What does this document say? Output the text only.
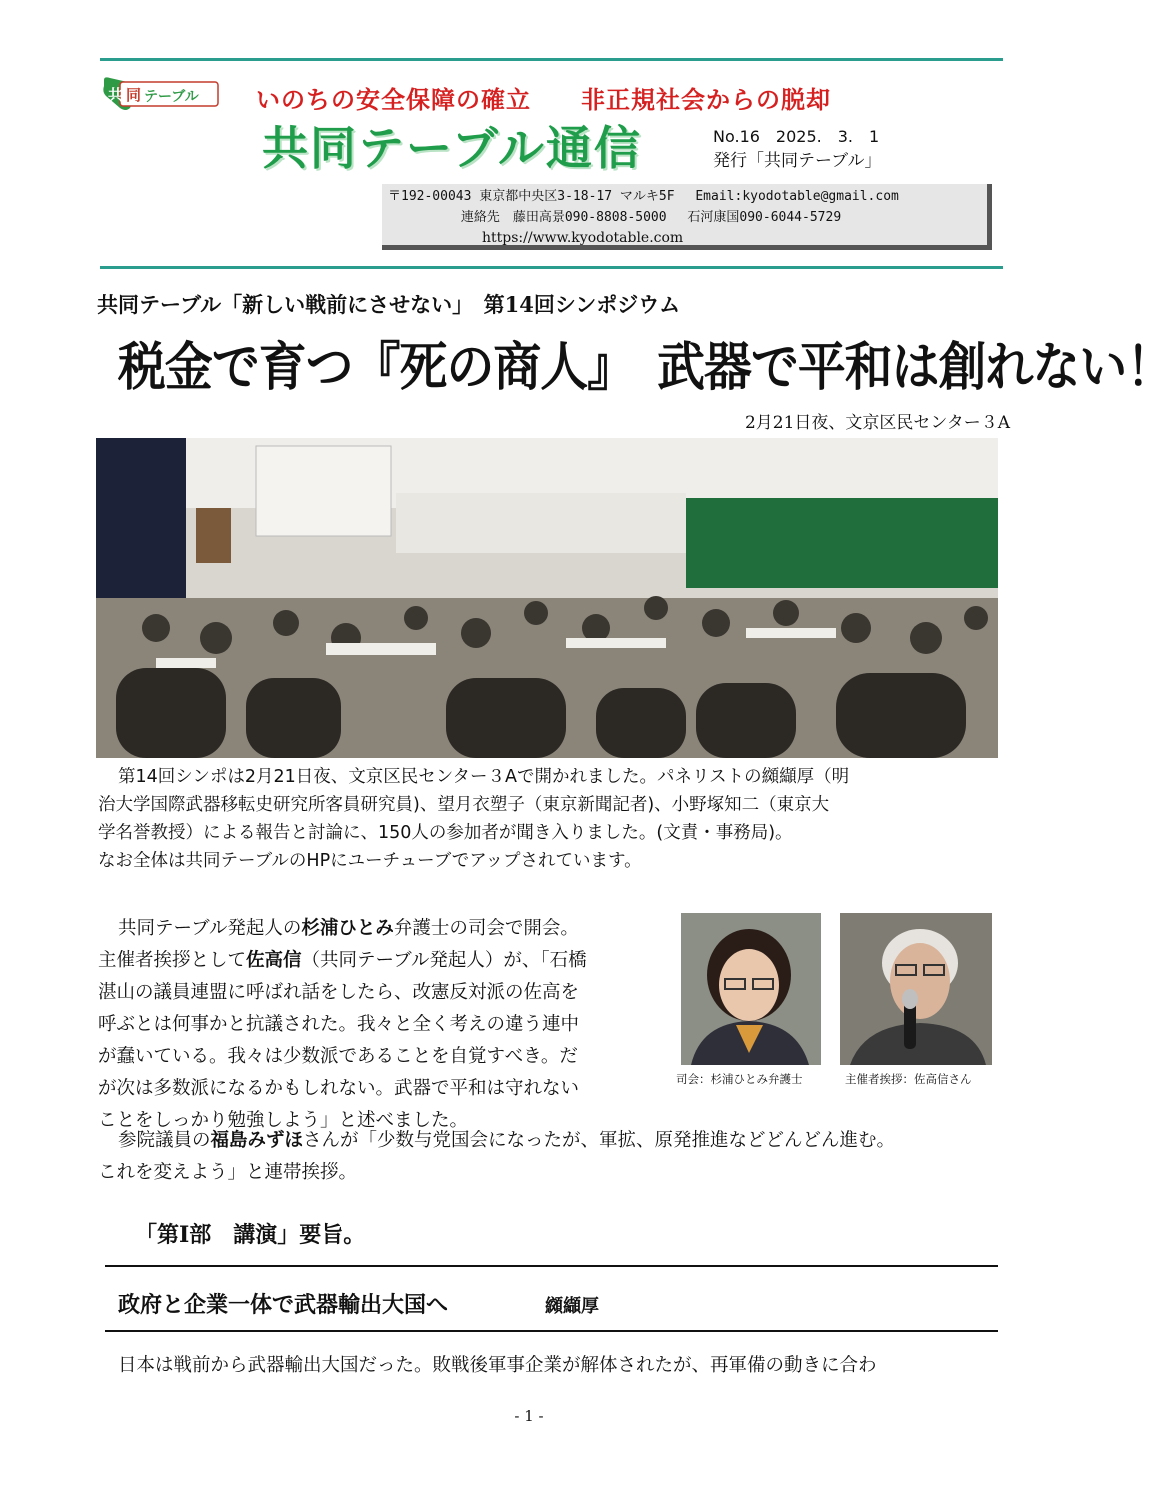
共 同 テーブル いのちの安全保障の確立 非正規社会からの脱却
共同テーブル通信	No.16　2025.　3.　1
発行「共同テーブル」
〒192-00043 東京都中央区3-18-17 マルキ5F　 Email:kyodotable@gmail.com
　　　　　 連絡先　藤田高景090-8808-5000　 石河康国090-6044-5729
https://www.kyodotable.com
共同テーブル「新しい戦前にさせない」　第14回シンポジウム
税金で育つ『死の商人』　武器で平和は創れない！
2月21日夜、文京区民センター３A
第14回シンポは2月21日夜、文京区民センター３Aで開かれました。パネリストの纐纈厚（明
治大学国際武器移転史研究所客員研究員)、望月衣塑子（東京新聞記者)、小野塚知二（東京大
学名誉教授）による報告と討論に、150人の参加者が聞き入りました。(文責・事務局)。
なお全体は共同テーブルのHPにユーチューブでアップされています。
共同テーブル発起人の杉浦ひとみ弁護士の司会で開会。
主催者挨拶として佐高信（共同テーブル発起人）が、「石橋
湛山の議員連盟に呼ばれ話をしたら、改憲反対派の佐高を
呼ぶとは何事かと抗議された。我々と全く考えの違う連中
が蠢いている。我々は少数派であることを自覚すべき。だ
が次は多数派になるかもしれない。武器で平和は守れない
ことをしっかり勉強しよう」と述べました。
司会：杉浦ひとみ弁護士	主催者挨拶：佐高信さん
参院議員の福島みずほさんが「少数与党国会になったが、軍拡、原発推進などどんどん進む。
これを変えよう」と連帯挨拶。
「第Ⅰ部　講演」要旨。
政府と企業一体で武器輸出大国へ	纐纈厚
日本は戦前から武器輸出大国だった。敗戦後軍事企業が解体されたが、再軍備の動きに合わ
- 1 -
